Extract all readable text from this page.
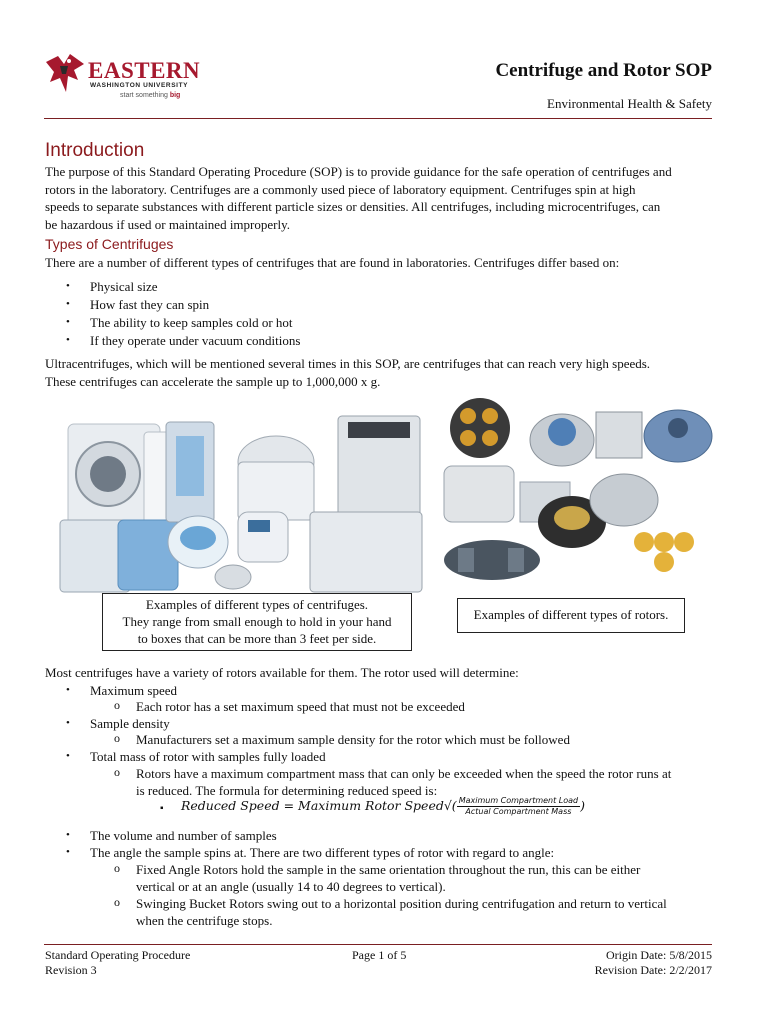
EASTERN
WASHINGTON UNIVERSITY
start something big
Centrifuge and Rotor SOP
Environmental Health & Safety
Introduction
The purpose of this Standard Operating Procedure (SOP) is to provide guidance for the safe operation of centrifuges and
rotors in the laboratory. Centrifuges are a commonly used piece of laboratory equipment. Centrifuges spin at high
speeds to separate substances with different particle sizes or densities. All centrifuges, including microcentrifuges, can
be hazardous if used or maintained improperly.
Types of Centrifuges
There are a number of different types of centrifuges that are found in laboratories. Centrifuges differ based on:
• Physical size
• How fast they can spin
• The ability to keep samples cold or hot
• If they operate under vacuum conditions
Ultracentrifuges, which will be mentioned several times in this SOP, are centrifuges that can reach very high speeds.
These centrifuges can accelerate the sample up to 1,000,000 x g.
Examples of different types of centrifuges.
They range from small enough to hold in your hand
to boxes that can be more than 3 feet per side.
Examples of different types of rotors.
Most centrifuges have a variety of rotors available for them. The rotor used will determine:
• Maximum speed
o Each rotor has a set maximum speed that must not be exceeded
• Sample density
o Manufacturers set a maximum sample density for the rotor which must be followed
• Total mass of rotor with samples fully loaded
o Rotors have a maximum compartment mass that can only be exceeded when the speed the rotor runs at
is reduced. The formula for determining reduced speed is:
▪ Reduced Speed = Maximum Rotor Speed√( $\frac{\text{Maximum Compartment Load}}{\text{Actual Compartment Mass}}$ )
• The volume and number of samples
• The angle the sample spins at. There are two different types of rotor with regard to angle:
o Fixed Angle Rotors hold the sample in the same orientation throughout the run, this can be either
vertical or at an angle (usually 14 to 40 degrees to vertical).
o Swinging Bucket Rotors swing out to a horizontal position during centrifugation and return to vertical
when the centrifuge stops.
Standard Operating Procedure
Revision 3
Page 1 of 5	Origin Date: 5/8/2015
Revision Date: 2/2/2017
